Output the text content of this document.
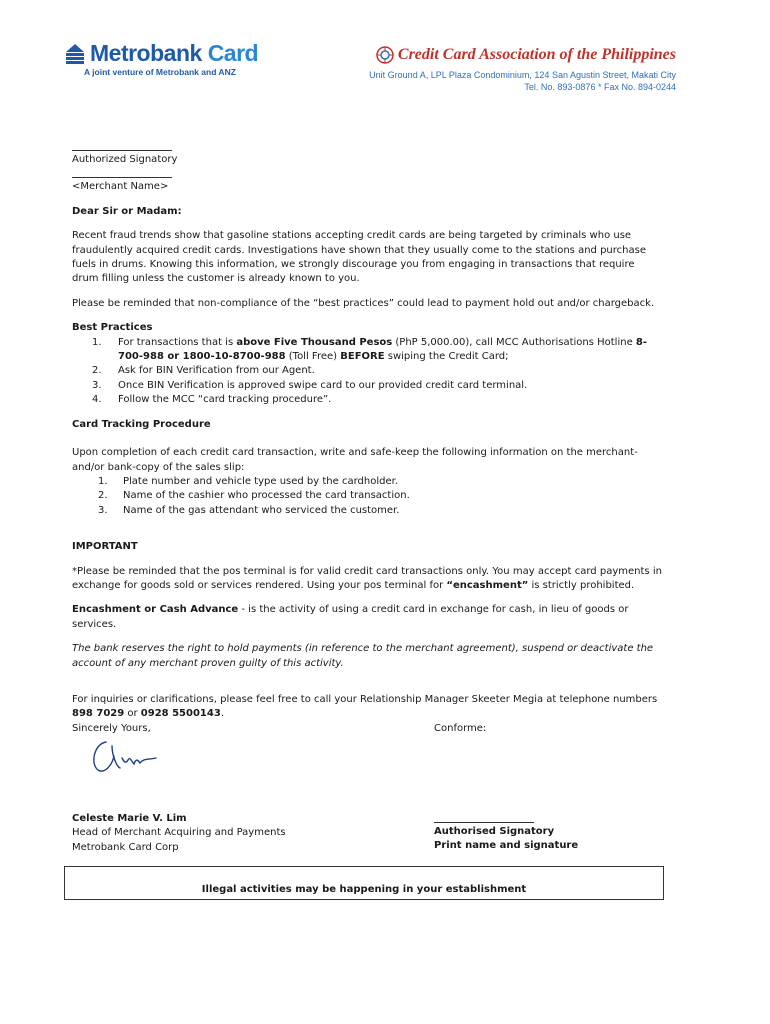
Metrobank Card
A joint venture of Metrobank and ANZ
Credit Card Association of the Philippines
Unit Ground A, LPL Plaza Condominium, 124 San Agustin Street, Makati City
Tel. No. 893-0876 * Fax No. 894-0244

Authorized Signatory

<Merchant Name>

Dear Sir or Madam:

Recent fraud trends show that gasoline stations accepting credit cards are being targeted by criminals who use fraudulently acquired credit cards. Investigations have shown that they usually come to the stations and purchase fuels in drums. Knowing this information, we strongly discourage you from engaging in transactions that require drum filling unless the customer is already known to you.

Please be reminded that non-compliance of the “best practices” could lead to payment hold out and/or chargeback.

Best Practices

1.	For transactions that is above Five Thousand Pesos (PhP 5,000.00), call MCC Authorisations Hotline 8-700-988 or 1800-10-8700-988 (Toll Free) BEFORE swiping the Credit Card;
2.	Ask for BIN Verification from our Agent.
3.	Once BIN Verification is approved swipe card to our provided credit card terminal.
4.	Follow the MCC “card tracking procedure”.

Card Tracking Procedure

Upon completion of each credit card transaction, write and safe-keep the following information on the merchant- and/or bank-copy of the sales slip:

1.	Plate number and vehicle type used by the cardholder.
2.	Name of the cashier who processed the card transaction.
3.	Name of the gas attendant who serviced the customer.

IMPORTANT

*Please be reminded that the pos terminal is for valid credit card transactions only. You may accept card payments in exchange for goods sold or services rendered. Using your pos terminal for “encashment” is strictly prohibited.

Encashment or Cash Advance - is the activity of using a credit card in exchange for cash, in lieu of goods or services.

The bank reserves the right to hold payments (in reference to the merchant agreement), suspend or deactivate the account of any merchant proven guilty of this activity.

For inquiries or clarifications, please feel free to call your Relationship Manager Skeeter Megia at telephone numbers 898 7029 or 0928 5500143.

Sincerely Yours,	Conforme:

Celeste Marie V. Lim

Head of Merchant Acquiring and Payments

Metrobank Card Corp

Authorised Signatory

Print name and signature

Illegal activities may be happening in your establishment
